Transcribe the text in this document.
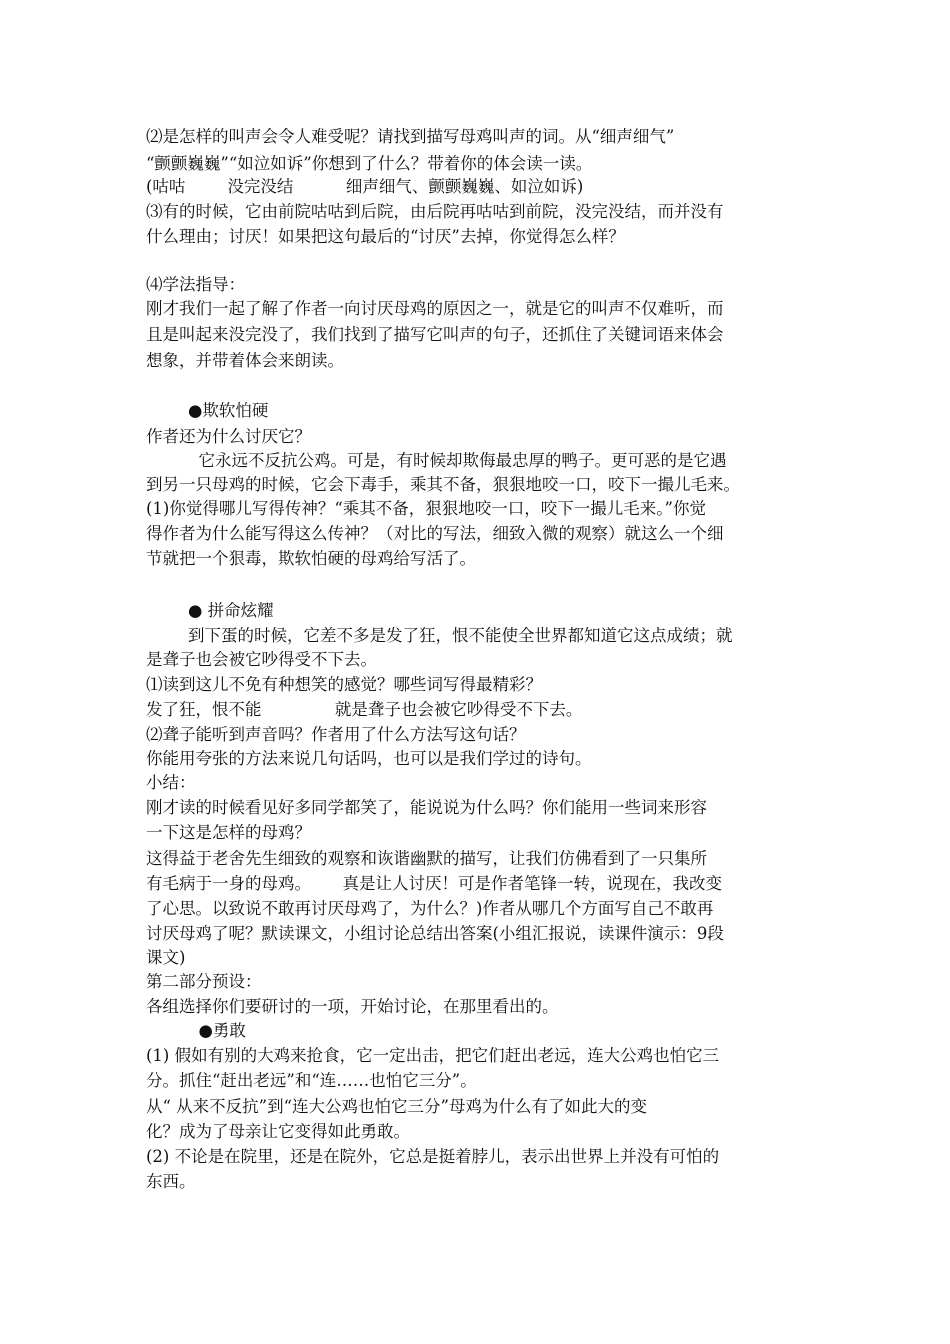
⑵是怎样的叫声会令人难受呢？请找到描写母鸡叫声的词。从“细声细气”

“颤颤巍巍”“如泣如诉”你想到了什么？带着你的体会读一读。

(咕咕        没完没结          细声细气、颤颤巍巍、如泣如诉)

⑶有的时候，它由前院咕咕到后院，由后院再咕咕到前院，没完没结，而并没有

什么理由；讨厌！如果把这句最后的“讨厌”去掉，你觉得怎么样？

⑷学法指导：

刚才我们一起了解了作者一向讨厌母鸡的原因之一，就是它的叫声不仅难听，而

且是叫起来没完没了，我们找到了描写它叫声的句子，还抓住了关键词语来体会

想象，并带着体会来朗读。

●欺软怕硬

作者还为什么讨厌它？

它永远不反抗公鸡。可是，有时候却欺侮最忠厚的鸭子。更可恶的是它遇

到另一只母鸡的时候，它会下毒手，乘其不备，狠狠地咬一口，咬下一撮儿毛来。

(1)你觉得哪儿写得传神？“乘其不备，狠狠地咬一口，咬下一撮儿毛来。”你觉

得作者为什么能写得这么传神？（对比的写法，细致入微的观察）就这么一个细

节就把一个狠毒，欺软怕硬的母鸡给写活了。

● 拼命炫耀

到下蛋的时候，它差不多是发了狂，恨不能使全世界都知道它这点成绩；就

是聋子也会被它吵得受不下去。

⑴读到这儿不免有种想笑的感觉？哪些词写得最精彩？

发了狂，恨不能              就是聋子也会被它吵得受不下去。

⑵聋子能听到声音吗？作者用了什么方法写这句话？

你能用夸张的方法来说几句话吗，也可以是我们学过的诗句。

小结：

刚才读的时候看见好多同学都笑了，能说说为什么吗？你们能用一些词来形容

一下这是怎样的母鸡？

这得益于老舍先生细致的观察和诙谐幽默的描写，让我们仿佛看到了一只集所

有毛病于一身的母鸡。      真是让人讨厌！可是作者笔锋一转，说现在，我改变

了心思。以致说不敢再讨厌母鸡了，为什么？)作者从哪几个方面写自己不敢再

讨厌母鸡了呢？默读课文，小组讨论总结出答案(小组汇报说，读课件演示：9段

课文)

第二部分预设：

各组选择你们要研讨的一项，开始讨论，在那里看出的。

●勇敢

(1) 假如有别的大鸡来抢食，它一定出击，把它们赶出老远，连大公鸡也怕它三

分。抓住“赶出老远”和“连……也怕它三分”。

从“ 从来不反抗”到“连大公鸡也怕它三分”母鸡为什么有了如此大的变

化？成为了母亲让它变得如此勇敢。

(2) 不论是在院里，还是在院外，它总是挺着脖儿，表示出世界上并没有可怕的

东西。
